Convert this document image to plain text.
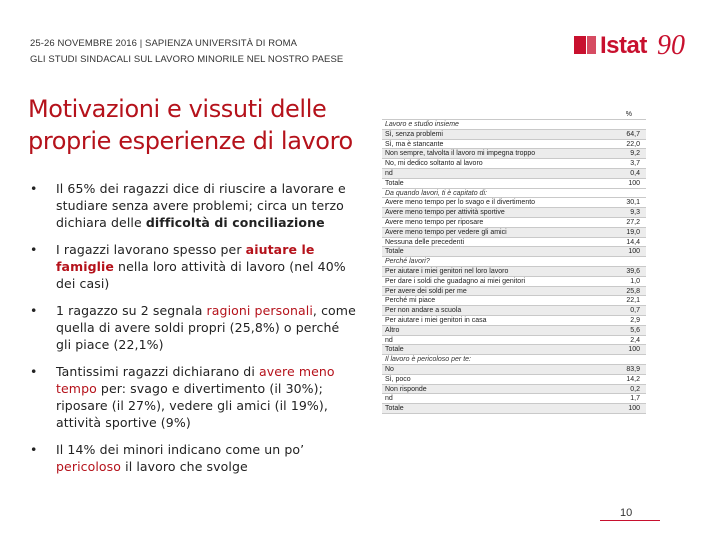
25-26 NOVEMBRE 2016 | SAPIENZA UNIVERSITÀ DI ROMA
GLI STUDI SINDACALI SUL LAVORO MINORILE NEL NOSTRO PAESE
Istat 90
Motivazioni e vissuti delle proprie esperienze di lavoro
• Il 65% dei ragazzi dice di riuscire a lavorare e studiare senza avere problemi; circa un terzo dichiara delle difficoltà di conciliazione
• I ragazzi lavorano spesso per aiutare le famiglie nella loro attività di lavoro (nel 40% dei casi)
• 1 ragazzo su 2 segnala ragioni personali, come quella di avere soldi propri (25,8%) o perché gli piace (22,1%)
• Tantissimi ragazzi dichiarano di avere meno tempo per: svago e divertimento (il 30%); riposare (il 27%), vedere gli amici (il 19%), attività sportive (9%)
• Il 14% dei minori indicano come un po’ pericoloso il lavoro che svolge
%
Lavoro e studio insieme
Sì, senza problemi	64,7
Sì, ma è stancante	22,0
Non sempre, talvolta il lavoro mi impegna troppo	9,2
No, mi dedico soltanto al lavoro	3,7
nd	0,4
Totale	100
Da quando lavori, ti è capitato di:
Avere meno tempo per lo svago e il divertimento	30,1
Avere meno tempo per attività sportive	9,3
Avere meno tempo per riposare	27,2
Avere meno tempo per vedere gli amici	19,0
Nessuna delle precedenti	14,4
Totale	100
Perché lavori?
Per aiutare i miei genitori nel loro lavoro	39,6
Per dare i soldi che guadagno ai miei genitori	1,0
Per avere dei soldi per me	25,8
Perché mi piace	22,1
Per non andare a scuola	0,7
Per aiutare i miei genitori in casa	2,9
Altro	5,6
nd	2,4
Totale	100
Il lavoro è pericoloso per te:
No	83,9
Sì, poco	14,2
Non risponde	0,2
nd	1,7
Totale	100
10
